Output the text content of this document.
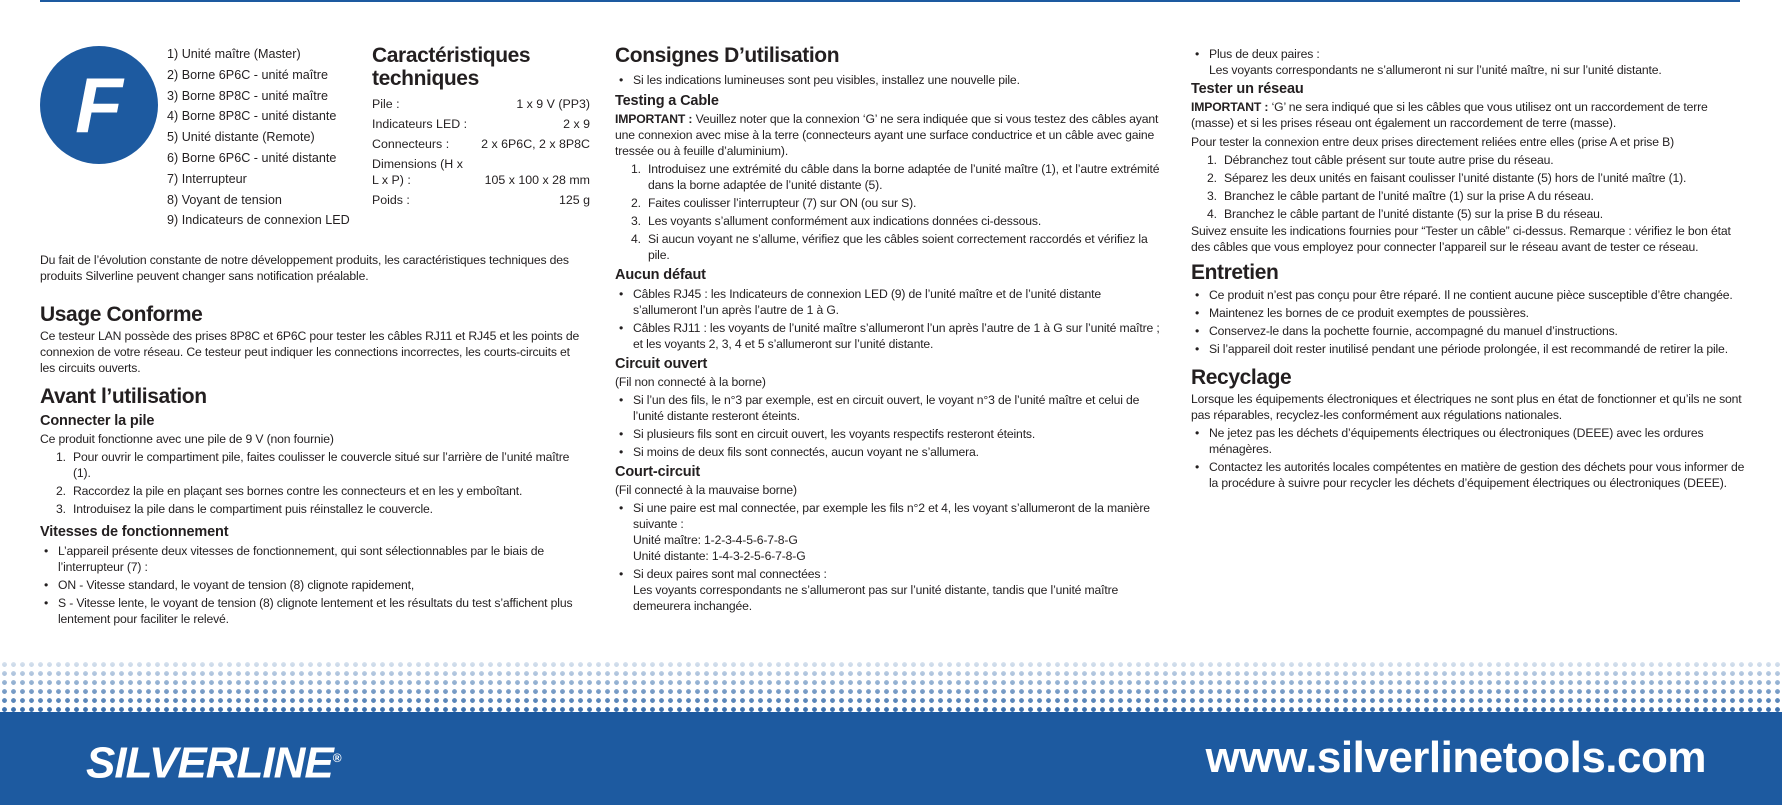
F
1) Unité maître (Master)
2) Borne 6P6C - unité maître
3) Borne 8P8C - unité maître
4) Borne 8P8C - unité distante
5) Unité distante (Remote)
6) Borne 6P6C - unité distante
7) Interrupteur
8) Voyant de tension
9) Indicateurs de connexion LED
Caractéristiques techniques
Pile :	1 x 9 V (PP3)
Indicateurs LED :	2 x 9
Connecteurs :	2 x 6P6C, 2 x 8P8C
Dimensions (H x L x P) :	105 x 100 x 28 mm
Poids :	125 g

Du fait de l’évolution constante de notre développement produits, les caractéristiques techniques des produits Silverline peuvent changer sans notification préalable.

Usage Conforme

Ce testeur LAN possède des prises 8P8C et 6P6C pour tester les câbles RJ11 et RJ45 et les points de connexion de votre réseau. Ce testeur peut indiquer les connections incorrectes, les courts-circuits et les circuits ouverts.

Avant l’utilisation
Connecter la pile

Ce produit fonctionne avec une pile de 9 V (non fournie)

1. Pour ouvrir le compartiment pile, faites coulisser le couvercle situé sur l’arrière de l’unité maître (1).
2. Raccordez la pile en plaçant ses bornes contre les connecteurs et en les y emboîtant.
3. Introduisez la pile dans le compartiment puis réinstallez le couvercle.
Vitesses de fonctionnement
• L’appareil présente deux vitesses de fonctionnement, qui sont sélectionnables par le biais de l’interrupteur (7) :
• ON - Vitesse standard, le voyant de tension (8) clignote rapidement,
• S - Vitesse lente, le voyant de tension (8) clignote lentement et les résultats du test s’affichent plus lentement pour faciliter le relevé.
Consignes D’utilisation
• Si les indications lumineuses sont peu visibles, installez une nouvelle pile.
Testing a Cable

IMPORTANT : Veuillez noter que la connexion ‘G’ ne sera indiquée que si vous testez des câbles ayant une connexion avec mise à la terre (connecteurs ayant une surface conductrice et un câble avec gaine tressée ou à feuille d’aluminium).

1. Introduisez une extrémité du câble dans la borne adaptée de l’unité maître (1), et l’autre extrémité dans la borne adaptée de l’unité distante (5).
2. Faites coulisser l’interrupteur (7) sur ON (ou sur S).
3. Les voyants s’allument conformément aux indications données ci-dessous.
4. Si aucun voyant ne s’allume, vérifiez que les câbles soient correctement raccordés et vérifiez la pile.
Aucun défaut
• Câbles RJ45 : les Indicateurs de connexion LED (9) de l’unité maître et de l’unité distante s’allumeront l’un après l’autre de 1 à G.
• Câbles RJ11 : les voyants de l’unité maître s’allumeront l’un après l’autre de 1 à G sur l’unité maître ; et les voyants 2, 3, 4 et 5 s’allumeront sur l’unité distante.
Circuit ouvert

(Fil non connecté à la borne)

• Si l’un des fils, le n°3 par exemple, est en circuit ouvert, le voyant n°3 de l’unité maître et celui de l’unité distante resteront éteints.
• Si plusieurs fils sont en circuit ouvert, les voyants respectifs resteront éteints.
• Si moins de deux fils sont connectés, aucun voyant ne s’allumera.
Court-circuit

(Fil connecté à la mauvaise borne)

• Si une paire est mal connectée, par exemple les fils n°2 et 4, les voyant s’allumeront de la manière suivante :
Unité maître: 1-2-3-4-5-6-7-8-G
Unité distante: 1-4-3-2-5-6-7-8-G
• Si deux paires sont mal connectées :
Les voyants correspondants ne s’allumeront pas sur l’unité distante, tandis que l’unité maître demeurera inchangée.
• Plus de deux paires :
Les voyants correspondants ne s’allumeront ni sur l’unité maître, ni sur l’unité distante.
Tester un réseau

IMPORTANT : ‘G’ ne sera indiqué que si les câbles que vous utilisez ont un raccordement de terre (masse) et si les prises réseau ont également un raccordement de terre (masse).

Pour tester la connexion entre deux prises directement reliées entre elles (prise A et prise B)

1. Débranchez tout câble présent sur toute autre prise du réseau.
2. Séparez les deux unités en faisant coulisser l’unité distante (5) hors de l’unité maître (1).
3. Branchez le câble partant de l’unité maître (1) sur la prise A du réseau.
4. Branchez le câble partant de l’unité distante (5) sur la prise B du réseau.

Suivez ensuite les indications fournies pour “Tester un câble” ci-dessus. Remarque : vérifiez le bon état des câbles que vous employez pour connecter l’appareil sur le réseau avant de tester ce réseau.

Entretien
• Ce produit n’est pas conçu pour être réparé. Il ne contient aucune pièce susceptible d’être changée.
• Maintenez les bornes de ce produit exemptes de poussières.
• Conservez-le dans la pochette fournie, accompagné du manuel d’instructions.
• Si l’appareil doit rester inutilisé pendant une période prolongée, il est recommandé de retirer la pile.
Recyclage

Lorsque les équipements électroniques et électriques ne sont plus en état de fonctionner et qu’ils ne sont pas réparables, recyclez-les conformément aux régulations nationales.

• Ne jetez pas les déchets d’équipements électriques ou électroniques (DEEE) avec les ordures ménagères.
• Contactez les autorités locales compétentes en matière de gestion des déchets pour vous informer de la procédure à suivre pour recycler les déchets d’équipement électriques ou électroniques (DEEE).
SILVERLINE®	www.silverlinetools.com
